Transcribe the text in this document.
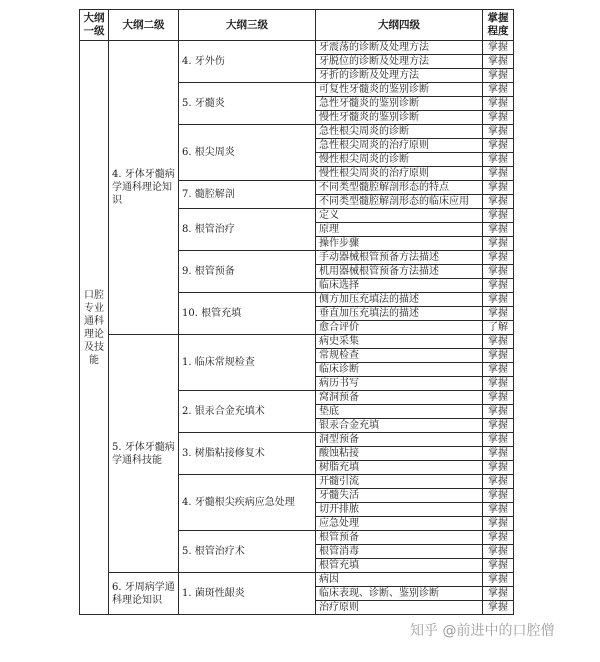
大纲一级	大纲二级	大纲三级	大纲四级	掌握程度
口腔专业通科理论及技能	4. 牙体牙髓病学通科理论知识	4. 牙外伤	牙震荡的诊断及处理方法	掌握
			牙脱位的诊断及处理方法	掌握
			牙折的诊断及处理方法	掌握
		5. 牙髓炎	可复性牙髓炎的鉴别诊断	掌握
			急性牙髓炎的鉴别诊断	掌握
			慢性牙髓炎的鉴别诊断	掌握
		6. 根尖周炎	急性根尖周炎的诊断	掌握
			急性根尖周炎的治疗原则	掌握
			慢性根尖周炎的诊断	掌握
			慢性根尖周炎的治疗原则	掌握
		7. 髓腔解剖	不同类型髓腔解剖形态的特点	掌握
			不同类型髓腔解剖形态的临床应用	掌握
		8. 根管治疗	定义	掌握
			原理	掌握
			操作步骤	掌握
		9. 根管预备	手动器械根管预备方法描述	掌握
			机用器械根管预备方法描述	掌握
			临床选择	掌握
		10. 根管充填	侧方加压充填法的描述	掌握
			垂直加压充填法的描述	掌握
			愈合评价	了解
	5. 牙体牙髓病学通科技能	1. 临床常规检查	病史采集	掌握
			常规检查	掌握
			临床诊断	掌握
			病历书写	掌握
		2. 银汞合金充填术	窝洞预备	掌握
			垫底	掌握
			银汞合金充填	掌握
		3. 树脂粘接修复术	洞型预备	掌握
			酸蚀粘接	掌握
			树脂充填	掌握
		4. 牙髓根尖疾病应急处理	开髓引流	掌握
			牙髓失活	掌握
			切开排脓	掌握
			应急处理	掌握
		5. 根管治疗术	根管预备	掌握
			根管消毒	掌握
			根管充填	掌握
	6. 牙周病学通科理论知识	1. 菌斑性龈炎	病因	掌握
			临床表现、诊断、鉴别诊断	掌握
			治疗原则	掌握
知乎 @前进中的口腔僧
